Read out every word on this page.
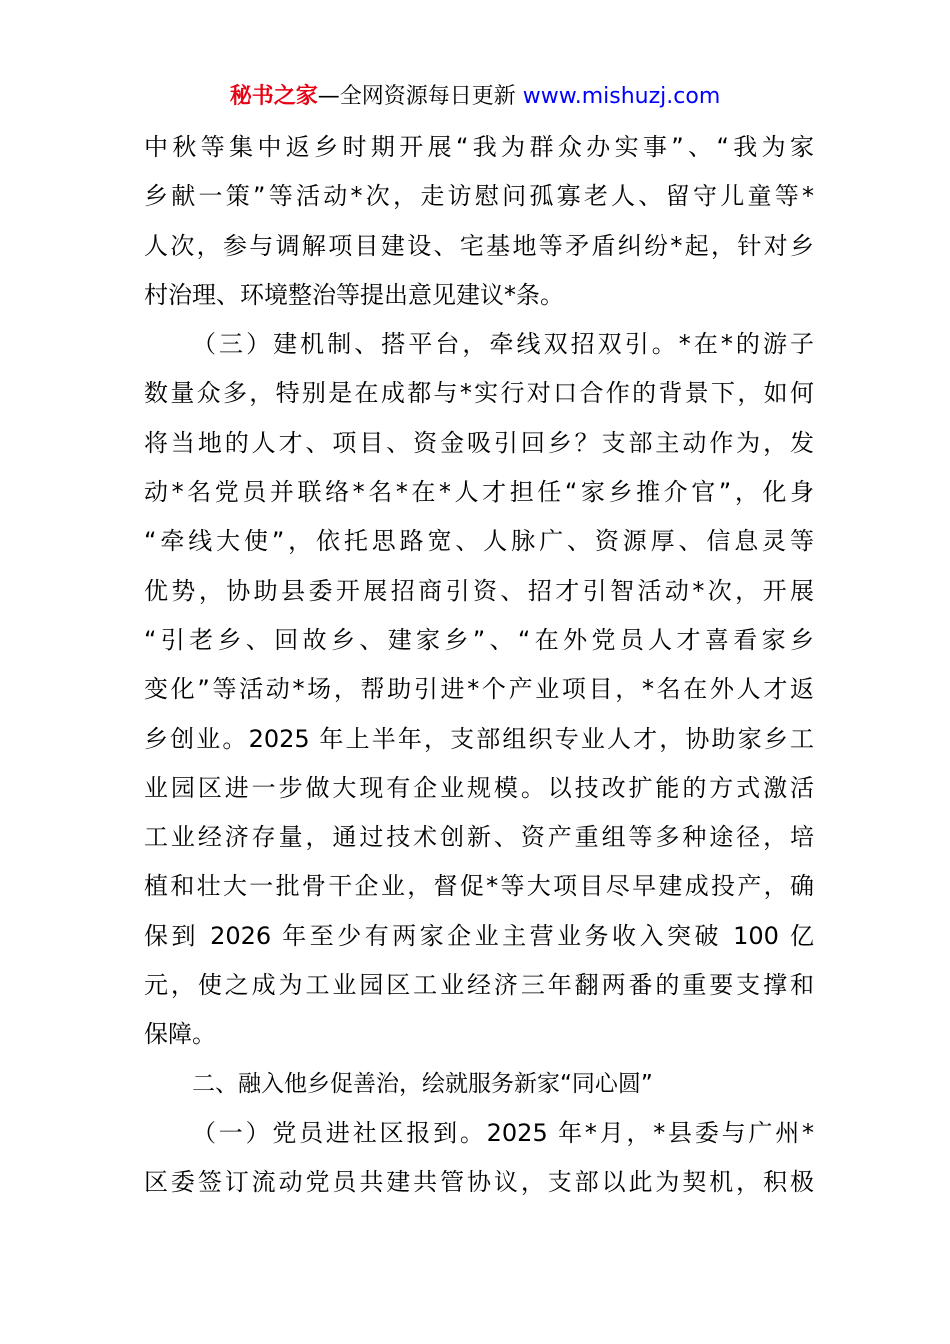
秘书之家—全网资源每日更新 www.mishuzj.com
中秋等集中返乡时期开展“我为群众办实事”、“我为家
乡献一策”等活动*次，走访慰问孤寡老人、留守儿童等*
人次，参与调解项目建设、宅基地等矛盾纠纷*起，针对乡
村治理、环境整治等提出意见建议*条。
（三）建机制、搭平台，牵线双招双引。*在*的游子
数量众多，特别是在成都与*实行对口合作的背景下，如何
将当地的人才、项目、资金吸引回乡？支部主动作为，发
动*名党员并联络*名*在*人才担任“家乡推介官”，化身
“牵线大使”，依托思路宽、人脉广、资源厚、信息灵等
优势，协助县委开展招商引资、招才引智活动*次，开展
“引老乡、回故乡、建家乡”、“在外党员人才喜看家乡
变化”等活动*场，帮助引进*个产业项目，*名在外人才返
乡创业。2025 年上半年，支部组织专业人才，协助家乡工
业园区进一步做大现有企业规模。以技改扩能的方式激活
工业经济存量，通过技术创新、资产重组等多种途径，培
植和壮大一批骨干企业，督促*等大项目尽早建成投产，确
保到 2026 年至少有两家企业主营业务收入突破 100 亿
元，使之成为工业园区工业经济三年翻两番的重要支撑和
保障。
二、融入他乡促善治，绘就服务新家“同心圆”
（一）党员进社区报到。2025 年*月，*县委与广州*
区委签订流动党员共建共管协议，支部以此为契机，积极
